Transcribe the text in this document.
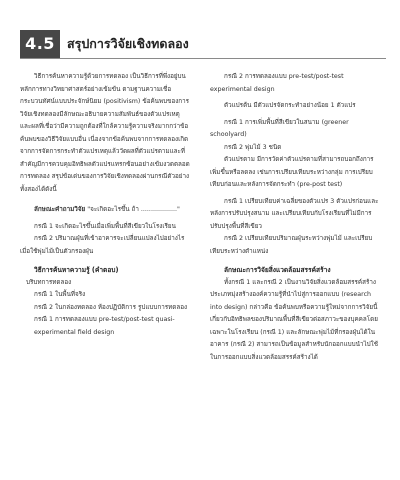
4.5 สรุปการวิจัยเชิงทดลอง

วิธีการค้นหาความรู้ด้วยการทดลอง เป็นวิธีการที่พึ่งอยู่บนหลักการทางวิทยาศาสตร์อย่างเข้มข้น ตามฐานความเชื่อกระบวนทัศน์แบบประจักษ์นิยม (positivism) ข้อค้นพบของการวิจัยเชิงทดลองมีลักษณะอธิบายความสัมพันธ์ของตัวแปรเหตุและผลที่เชื่อว่ามีความถูกต้องที่ใกล้ความรู้ความจริงมากกว่าข้อค้นพบของวิธีวิจัยแบบอื่น เนื่องจากข้อค้นพบจากการทดลองเกิดจากการจัดการกระทำตัวแปรเหตุแล้ววัดผลที่ตัวแปรตามและที่สำคัญมีการควบคุมอิทธิพลตัวแปรแทรกซ้อนอย่างเข้มงวดตลอดการทดลอง สรุปข้อเด่นของการวิจัยเชิงทดลองผ่านกรณีตัวอย่างทั้งสองได้ดังนี้

ลักษณะคำถามวิจัย "จะเกิดอะไรขึ้น ถ้า .................."

กรณี 1 จะเกิดอะไรขึ้นเมื่อเพิ่มพื้นที่สีเขียวในโรงเรียน

กรณี 2 ปริมาณฝุ่นที่เข้าอาคารจะเปลี่ยนแปลงไปอย่างไรเมื่อใช้พุ่มไม้เป็นตัวกรองฝุ่น

วิธีการค้นหาความรู้ (คำตอบ)

บริบทการทดลอง

กรณี 1 ในพื้นที่จริง

กรณี 2 ในกล่องทดลอง ห้องปฏิบัติการ รูปแบบการทดลอง

กรณี 1 การทดลองแบบ pre-test/post-test quasi-experimental field design

กรณี 2 การทดลองแบบ pre-test/post-test experimental design

ตัวแปรต้น มีตัวแปรจัดกระทำอย่างน้อย 1 ตัวแปร

กรณี 1 การเพิ่มพื้นที่สีเขียวในสนาม (greener schoolyard)

กรณี 2 พุ่มไม้ 3 ชนิด

ตัวแปรตาม มีการวัดค่าตัวแปรตามที่สามารถบอกถึงการเพิ่มขึ้นหรือลดลง เช่นการเปรียบเทียบระหว่างกลุ่ม การเปรียบเทียบก่อนและหลังการจัดกระทำ (pre-post test)

กรณี 1 เปรียบเทียบค่าเฉลี่ยของตัวแปร 3 ตัวแปรก่อนและหลังการปรับปรุงสนาม และเปรียบเทียบกับโรงเรียนที่ไม่มีการปรับปรุงพื้นที่สีเขียว

กรณี 2 เปรียบเทียบปริมาณฝุ่นระหว่างพุ่มไม้ และเปรียบเทียบระหว่างตำแหน่ง

ลักษณะการวิจัยสิ่งแวดล้อมสรรค์สร้าง

ทั้งกรณี 1 และกรณี 2 เป็นงานวิจัยสิ่งแวดล้อมสรรค์สร้างประเภทมุ่งสร้างองค์ความรู้ที่นำไปสู่การออกแบบ (research into design) กล่าวคือ ข้อค้นพบหรือความรู้ใหม่จากการวิจัยนี้เกี่ยวกับอิทธิพลของปริมาณพื้นที่สีเขียวต่อสภาวะของบุคคลโดยเฉพาะในโรงเรียน (กรณี 1) และลักษณะพุ่มไม้ที่กรองฝุ่นได้ในอาคาร (กรณี 2) สามารถเป็นข้อมูลสำหรับนักออกแบบนำไปใช้ในการออกแบบสิ่งแวดล้อมสรรค์สร้างได้
